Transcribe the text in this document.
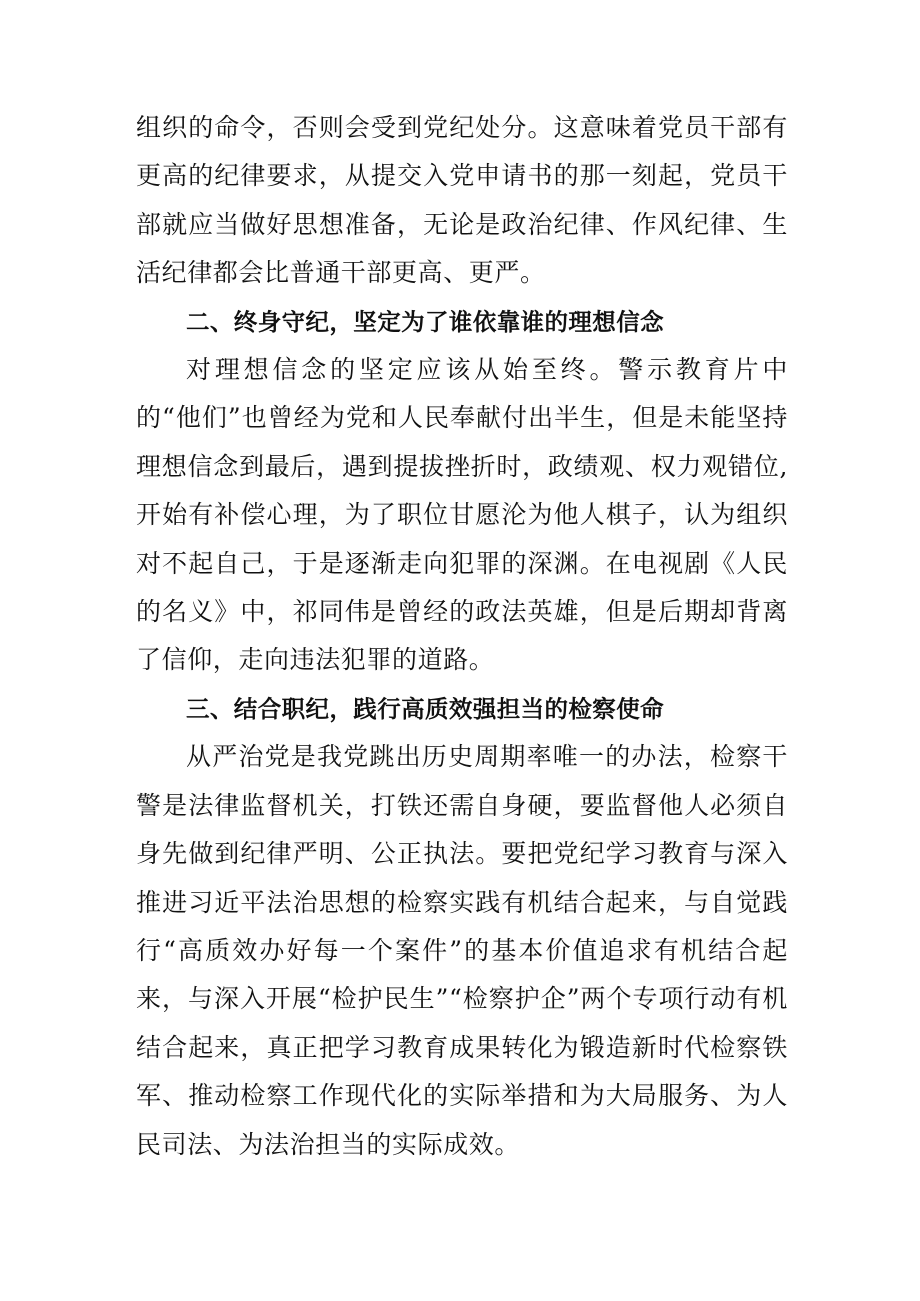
组织的命令，否则会受到党纪处分。这意味着党员干部有更高的纪律要求，从提交入党申请书的那一刻起，党员干部就应当做好思想准备，无论是政治纪律、作风纪律、生活纪律都会比普通干部更高、更严。

二、终身守纪，坚定为了谁依靠谁的理想信念

对理想信念的坚定应该从始至终。警示教育片中的“他们”也曾经为党和人民奉献付出半生，但是未能坚持理想信念到最后，遇到提拔挫折时，政绩观、权力观错位,开始有补偿心理，为了职位甘愿沦为他人棋子，认为组织对不起自己，于是逐渐走向犯罪的深渊。在电视剧《人民的名义》中，祁同伟是曾经的政法英雄，但是后期却背离了信仰，走向违法犯罪的道路。

三、结合职纪，践行高质效强担当的检察使命

从严治党是我党跳出历史周期率唯一的办法，检察干警是法律监督机关，打铁还需自身硬，要监督他人必须自身先做到纪律严明、公正执法。要把党纪学习教育与深入推进习近平法治思想的检察实践有机结合起来，与自觉践行“高质效办好每一个案件”的基本价值追求有机结合起来，与深入开展“检护民生”“检察护企”两个专项行动有机结合起来，真正把学习教育成果转化为锻造新时代检察铁军、推动检察工作现代化的实际举措和为大局服务、为人民司法、为法治担当的实际成效。
